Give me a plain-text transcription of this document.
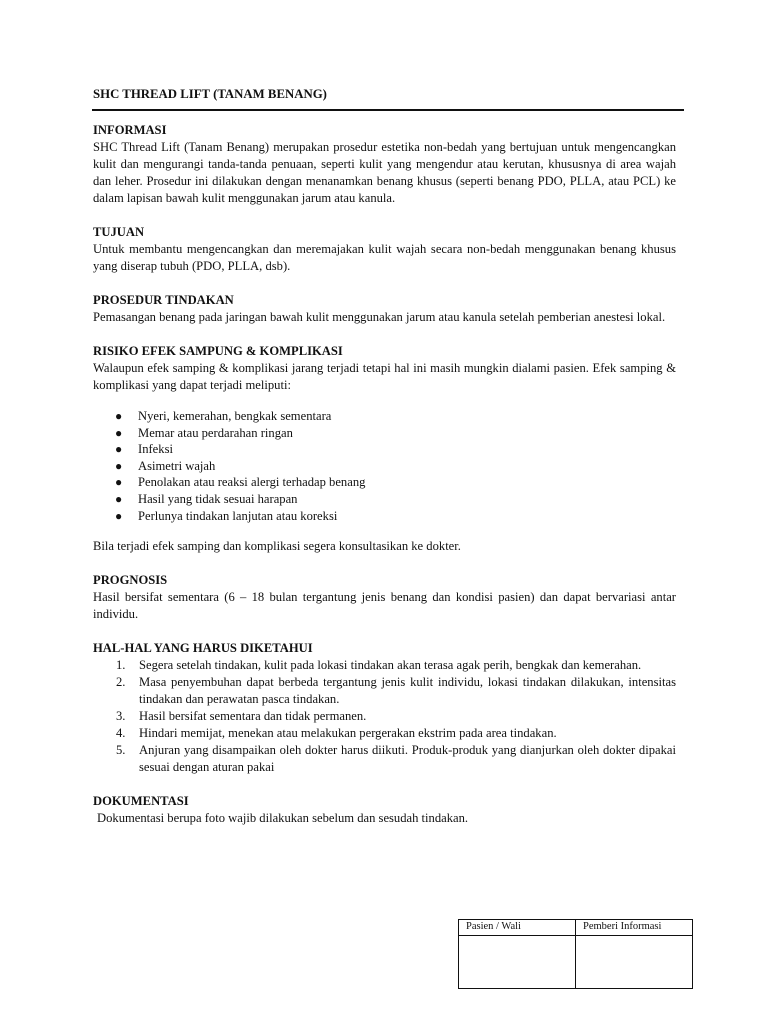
SHC THREAD LIFT (TANAM BENANG)
INFORMASI

SHC Thread Lift (Tanam Benang) merupakan prosedur estetika non-bedah yang bertujuan untuk mengencangkan kulit dan mengurangi tanda-tanda penuaan, seperti kulit yang mengendur atau kerutan, khususnya di area wajah dan leher. Prosedur ini dilakukan dengan menanamkan benang khusus (seperti benang PDO, PLLA, atau PCL) ke dalam lapisan bawah kulit menggunakan jarum atau kanula.

TUJUAN

Untuk membantu mengencangkan dan meremajakan kulit wajah secara non-bedah menggunakan benang khusus yang diserap tubuh (PDO, PLLA, dsb).

PROSEDUR TINDAKAN

Pemasangan benang pada jaringan bawah kulit menggunakan jarum atau kanula setelah pemberian anestesi lokal.

RISIKO EFEK SAMPUNG & KOMPLIKASI

Walaupun efek samping & komplikasi jarang terjadi tetapi hal ini masih mungkin dialami pasien. Efek samping & komplikasi yang dapat terjadi meliputi:

● Nyeri, kemerahan, bengkak sementara
● Memar atau perdarahan ringan
● Infeksi
● Asimetri wajah
● Penolakan atau reaksi alergi terhadap benang
● Hasil yang tidak sesuai harapan
● Perlunya tindakan lanjutan atau koreksi

Bila terjadi efek samping dan komplikasi segera konsultasikan ke dokter.

PROGNOSIS

Hasil bersifat sementara (6 – 18 bulan tergantung jenis benang dan kondisi pasien) dan dapat bervariasi antar individu.

HAL-HAL YANG HARUS DIKETAHUI
1. Segera setelah tindakan, kulit pada lokasi tindakan akan terasa agak perih, bengkak dan kemerahan.
2. Masa penyembuhan dapat berbeda tergantung jenis kulit individu, lokasi tindakan dilakukan, intensitas tindakan dan perawatan pasca tindakan.
3. Hasil bersifat sementara dan tidak permanen.
4. Hindari memijat, menekan atau melakukan pergerakan ekstrim pada area tindakan.
5. Anjuran yang disampaikan oleh dokter harus diikuti. Produk-produk yang dianjurkan oleh dokter dipakai sesuai dengan aturan pakai
DOKUMENTASI

Dokumentasi berupa foto wajib dilakukan sebelum dan sesudah tindakan.

Pasien / Wali	Pemberi Informasi
